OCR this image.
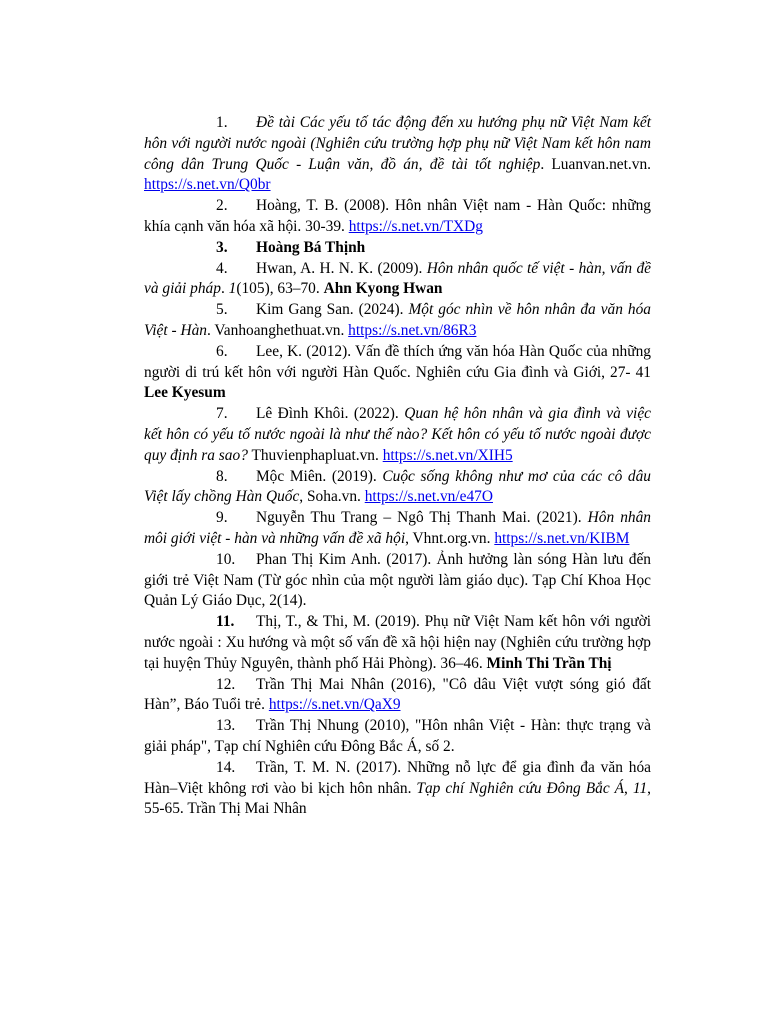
1. Đề tài Các yếu tố tác động đến xu hướng phụ nữ Việt Nam kết hôn với người nước ngoài (Nghiên cứu trường hợp phụ nữ Việt Nam kết hôn nam công dân Trung Quốc - Luận văn, đồ án, đề tài tốt nghiệp. Luanvan.net.vn. https://s.net.vn/Q0br

2. Hoàng, T. B. (2008). Hôn nhân Việt nam - Hàn Quốc: những khía cạnh văn hóa xã hội. 30-39. https://s.net.vn/TXDg

3. Hoàng Bá Thịnh

4. Hwan, A. H. N. K. (2009). Hôn nhân quốc tế việt - hàn, vấn đề và giải pháp. 1(105), 63–70. Ahn Kyong Hwan

5. Kim Gang San. (2024). Một góc nhìn về hôn nhân đa văn hóa Việt - Hàn. Vanhoanghethuat.vn. https://s.net.vn/86R3

6. Lee, K. (2012). Vấn đề thích ứng văn hóa Hàn Quốc của những người di trú kết hôn với người Hàn Quốc. Nghiên cứu Gia đình và Giới, 27- 41 Lee Kyesum

7. Lê Đình Khôi. (2022). Quan hệ hôn nhân và gia đình và việc kết hôn có yếu tố nước ngoài là như thế nào? Kết hôn có yếu tố nước ngoài được quy định ra sao? Thuvienphapluat.vn. https://s.net.vn/XIH5

8. Mộc Miên. (2019). Cuộc sống không như mơ của các cô dâu Việt lấy chồng Hàn Quốc, Soha.vn. https://s.net.vn/e47O

9. Nguyễn Thu Trang – Ngô Thị Thanh Mai. (2021). Hôn nhân môi giới việt - hàn và những vấn đề xã hội, Vhnt.org.vn. https://s.net.vn/KIBM

10. Phan Thị Kim Anh. (2017). Ảnh hưởng làn sóng Hàn lưu đến giới trẻ Việt Nam (Từ góc nhìn của một người làm giáo dục). Tạp Chí Khoa Học Quản Lý Giáo Dục, 2(14).

11. Thị, T., & Thi, M. (2019). Phụ nữ Việt Nam kết hôn với người nước ngoài : Xu hướng và một số vấn đề xã hội hiện nay (Nghiên cứu trường hợp tại huyện Thủy Nguyên, thành phố Hải Phòng). 36–46. Minh Thi Trần Thị

12. Trần Thị Mai Nhân (2016), "Cô dâu Việt vượt sóng gió đất Hàn”, Báo Tuổi trẻ. https://s.net.vn/QaX9

13. Trần Thị Nhung (2010), "Hôn nhân Việt - Hàn: thực trạng và giải pháp", Tạp chí Nghiên cứu Đông Bắc Á, số 2.

14. Trần, T. M. N. (2017). Những nỗ lực để gia đình đa văn hóa Hàn–Việt không rơi vào bi kịch hôn nhân. Tạp chí Nghiên cứu Đông Bắc Á, 11, 55-65. Trần Thị Mai Nhân
